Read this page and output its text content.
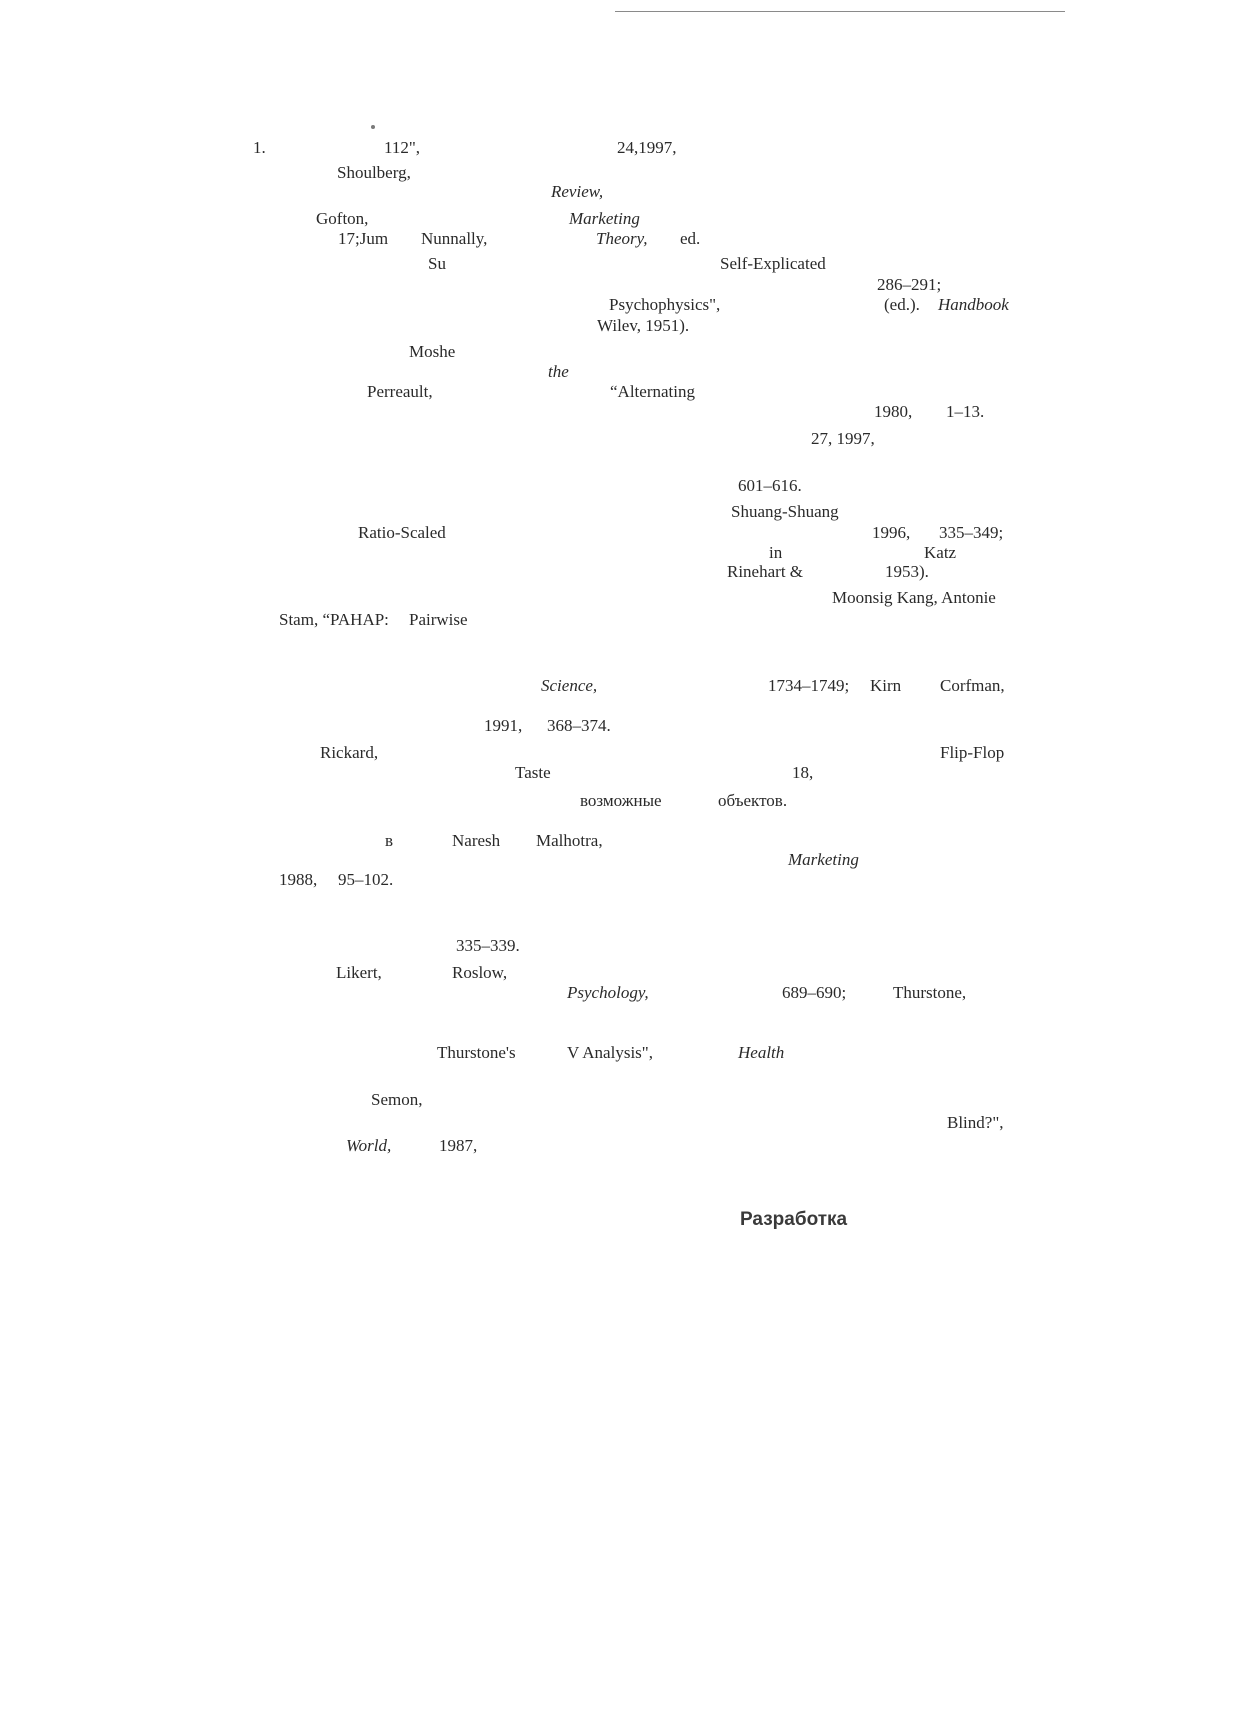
1.	112",	24,1997,
Shoulberg,
Review,
Gofton,	Marketing
17;Jum Nunnally,	Theory, ed.
Su	Self-Explicated
286–291;
Psychophysics",	(ed.). Handbook
Wilev, 1951).
Moshe
the
Perreault,	“Alternating
1980, 1–13.
27, 1997,
601–616.
Shuang-Shuang
Ratio-Scaled	1996, 335–349;
in	Katz
Rinehart &	1953).
Moonsig Kang, Antonie
Stam, “PAHAP: Pairwise
Science,	1734–1749; Kirn Corfman,
1991, 368–374.
Rickard,	Flip-Flop
Taste	18,
возможные	объектов.
в	Naresh Malhotra,
Marketing
1988, 95–102.
335–339.
Likert,	Roslow,
Psychology,	689–690;	Thurstone,
Thurstone's	V Analysis",	Health
Semon,
Blind?",
World,	1987,
Разработка
